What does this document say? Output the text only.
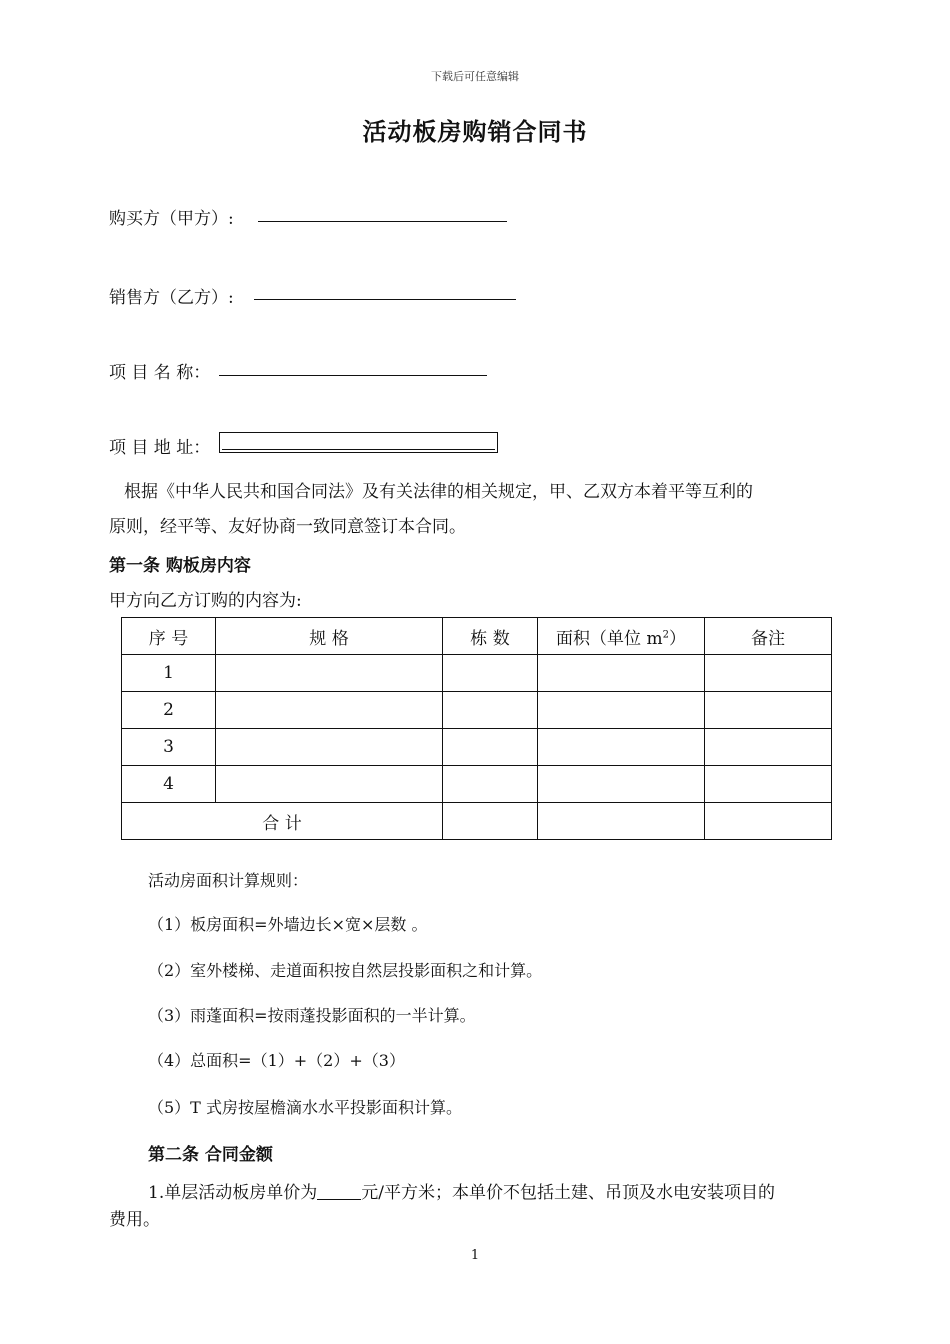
下载后可任意编辑
活动板房购销合同书
购买方（甲方）:
销售方（乙方）:
项 目 名 称：
项 目 地 址：
根据《中华人民共和国合同法》及有关法律的相关规定，甲、乙双方本着平等互利的
原则，经平等、友好协商一致同意签订本合同。
第一条 购板房内容
甲方向乙方订购的内容为:
序 号	规 格	栋 数	面积（单位 $m^2$）	备注
1				
2				
3				
4				
合 计				
活动房面积计算规则：
（1）板房面积=外墙边长×宽×层数 。
（2）室外楼梯、走道面积按自然层投影面积之和计算。
（3）雨蓬面积=按雨蓬投影面积的一半计算。
（4）总面积=（1）+（2）+（3）
（5）T 式房按屋檐滴水水平投影面积计算。
第二条 合同金额
1.单层活动板房单价为	元/平方米；本单价不包括土建、吊顶及水电安装项目的
费用。
1
